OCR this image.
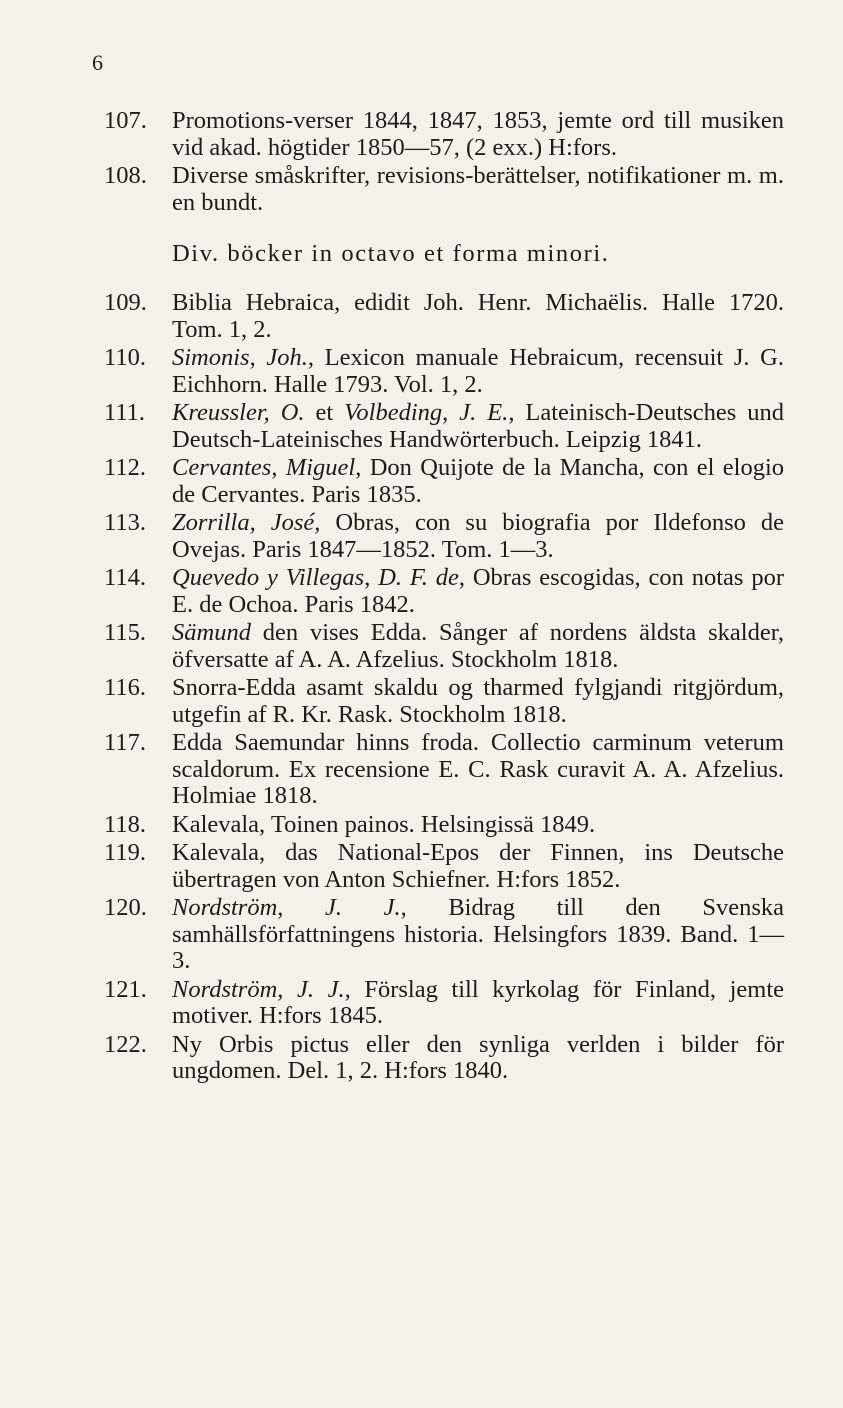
6
107.	Promotions-verser 1844, 1847, 1853, jemte ord till musiken vid akad. högtider 1850—57, (2 exx.) H:fors.
108.	Diverse småskrifter, revisions-berättelser, notifikationer m. m. en bundt.
Div. böcker in octavo et forma minori.
109.	Biblia Hebraica, edidit Joh. Henr. Michaëlis. Halle 1720. Tom. 1, 2.
110.	Simonis, Joh., Lexicon manuale Hebraicum, recensuit J. G. Eichhorn. Halle 1793. Vol. 1, 2.
111.	Kreussler, O. et Volbeding, J. E., Lateinisch-Deutsches und Deutsch-Lateinisches Handwörterbuch. Leipzig 1841.
112.	Cervantes, Miguel, Don Quijote de la Mancha, con el elogio de Cervantes. Paris 1835.
113.	Zorrilla, José, Obras, con su biografia por Ildefonso de Ovejas. Paris 1847—1852. Tom. 1—3.
114.	Quevedo y Villegas, D. F. de, Obras escogidas, con notas por E. de Ochoa. Paris 1842.
115.	Sämund den vises Edda. Sånger af nordens äldsta skalder, öfversatte af A. A. Afzelius. Stockholm 1818.
116.	Snorra-Edda asamt skaldu og tharmed fylgjandi ritgjördum, utgefin af R. Kr. Rask. Stockholm 1818.
117.	Edda Saemundar hinns froda. Collectio carminum veterum scaldorum. Ex recensione E. C. Rask curavit A. A. Afzelius. Holmiae 1818.
118.	Kalevala, Toinen painos. Helsingissä 1849.
119.	Kalevala, das National-Epos der Finnen, ins Deutsche übertragen von Anton Schiefner. H:fors 1852.
120.	Nordström, J. J., Bidrag till den Svenska samhällsförfattningens historia. Helsingfors 1839. Band. 1—3.
121.	Nordström, J. J., Förslag till kyrkolag för Finland, jemte motiver. H:fors 1845.
122.	Ny Orbis pictus eller den synliga verlden i bilder för ungdomen. Del. 1, 2. H:fors 1840.
